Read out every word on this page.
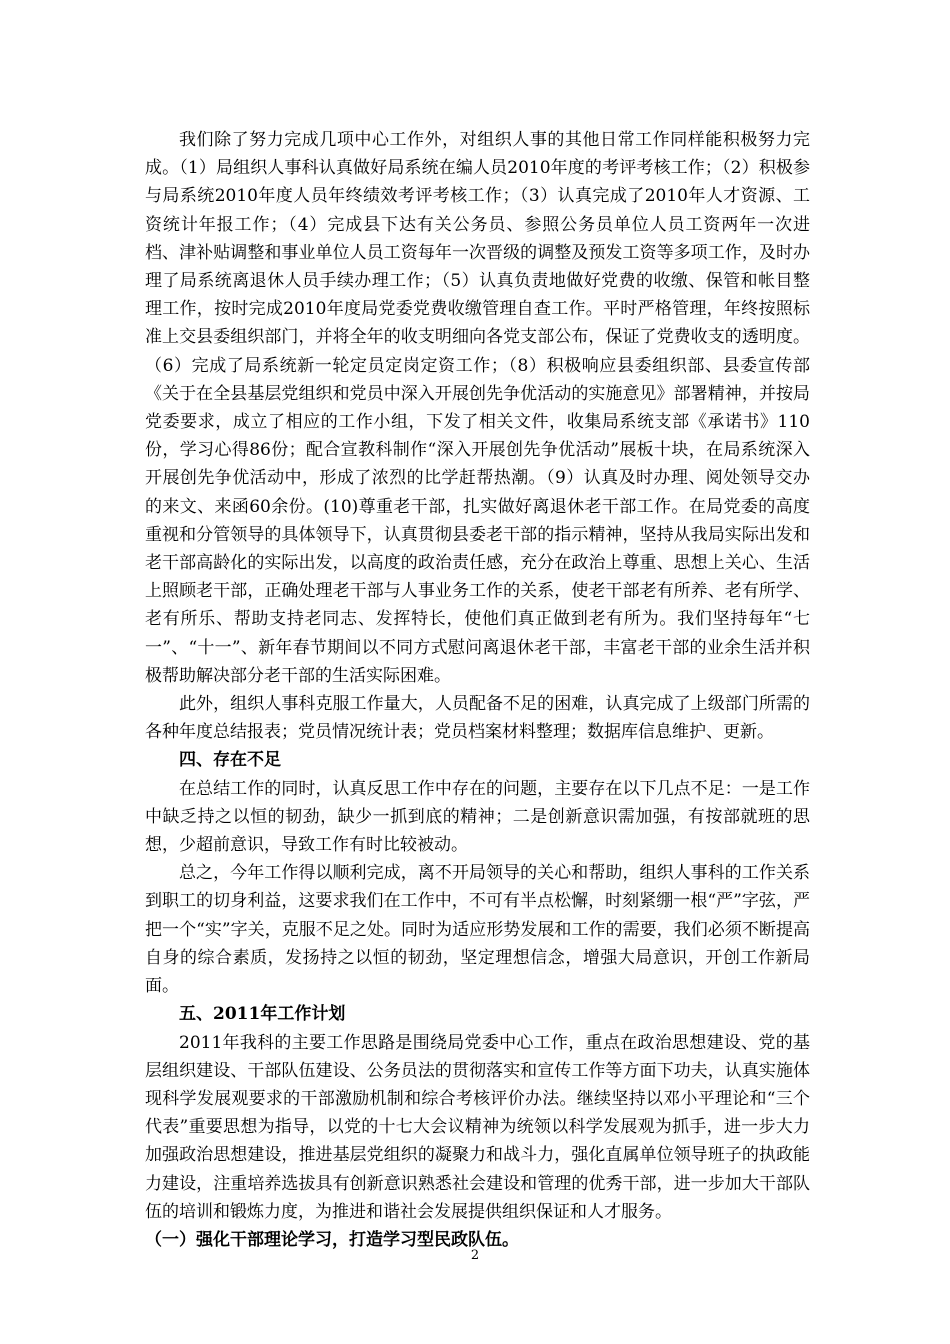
我们除了努力完成几项中心工作外，对组织人事的其他日常工作同样能积极努力完成。（1）局组织人事科认真做好局系统在编人员2010年度的考评考核工作；（2）积极参与局系统2010年度人员年终绩效考评考核工作；（3）认真完成了2010年人才资源、工资统计年报工作；（4）完成县下达有关公务员、参照公务员单位人员工资两年一次进档、津补贴调整和事业单位人员工资每年一次晋级的调整及预发工资等多项工作，及时办理了局系统离退休人员手续办理工作；（5）认真负责地做好党费的收缴、保管和帐目整理工作，按时完成2010年度局党委党费收缴管理自查工作。平时严格管理，年终按照标准上交县委组织部门，并将全年的收支明细向各党支部公布，保证了党费收支的透明度。（6）完成了局系统新一轮定员定岗定资工作；（8）积极响应县委组织部、县委宣传部《关于在全县基层党组织和党员中深入开展创先争优活动的实施意见》部署精神，并按局党委要求，成立了相应的工作小组，下发了相关文件，收集局系统支部《承诺书》110份，学习心得86份；配合宣教科制作“深入开展创先争优活动”展板十块，在局系统深入开展创先争优活动中，形成了浓烈的比学赶帮热潮。（9）认真及时办理、阅处领导交办的来文、来函60余份。(10)尊重老干部，扎实做好离退休老干部工作。在局党委的高度重视和分管领导的具体领导下，认真贯彻县委老干部的指示精神，坚持从我局实际出发和老干部高龄化的实际出发，以高度的政治责任感，充分在政治上尊重、思想上关心、生活上照顾老干部，正确处理老干部与人事业务工作的关系，使老干部老有所养、老有所学、老有所乐、帮助支持老同志、发挥特长，使他们真正做到老有所为。我们坚持每年“七一”、“十一”、新年春节期间以不同方式慰问离退休老干部，丰富老干部的业余生活并积极帮助解决部分老干部的生活实际困难。

此外，组织人事科克服工作量大，人员配备不足的困难，认真完成了上级部门所需的各种年度总结报表；党员情况统计表；党员档案材料整理；数据库信息维护、更新。

四、存在不足

在总结工作的同时，认真反思工作中存在的问题，主要存在以下几点不足：一是工作中缺乏持之以恒的韧劲，缺少一抓到底的精神；二是创新意识需加强，有按部就班的思想，少超前意识，导致工作有时比较被动。

总之，今年工作得以顺利完成，离不开局领导的关心和帮助，组织人事科的工作关系到职工的切身利益，这要求我们在工作中，不可有半点松懈，时刻紧绷一根“严”字弦，严把一个“实”字关，克服不足之处。同时为适应形势发展和工作的需要，我们必须不断提高自身的综合素质，发扬持之以恒的韧劲，坚定理想信念，增强大局意识，开创工作新局面。

五、2011年工作计划

2011年我科的主要工作思路是围绕局党委中心工作，重点在政治思想建设、党的基层组织建设、干部队伍建设、公务员法的贯彻落实和宣传工作等方面下功夫，认真实施体现科学发展观要求的干部激励机制和综合考核评价办法。继续坚持以邓小平理论和“三个代表”重要思想为指导，以党的十七大会议精神为统领以科学发展观为抓手，进一步大力加强政治思想建设，推进基层党组织的凝聚力和战斗力，强化直属单位领导班子的执政能力建设，注重培养选拔具有创新意识熟悉社会建设和管理的优秀干部，进一步加大干部队伍的培训和锻炼力度，为推进和谐社会发展提供组织保证和人才服务。

（一）强化干部理论学习，打造学习型民政队伍。

2
